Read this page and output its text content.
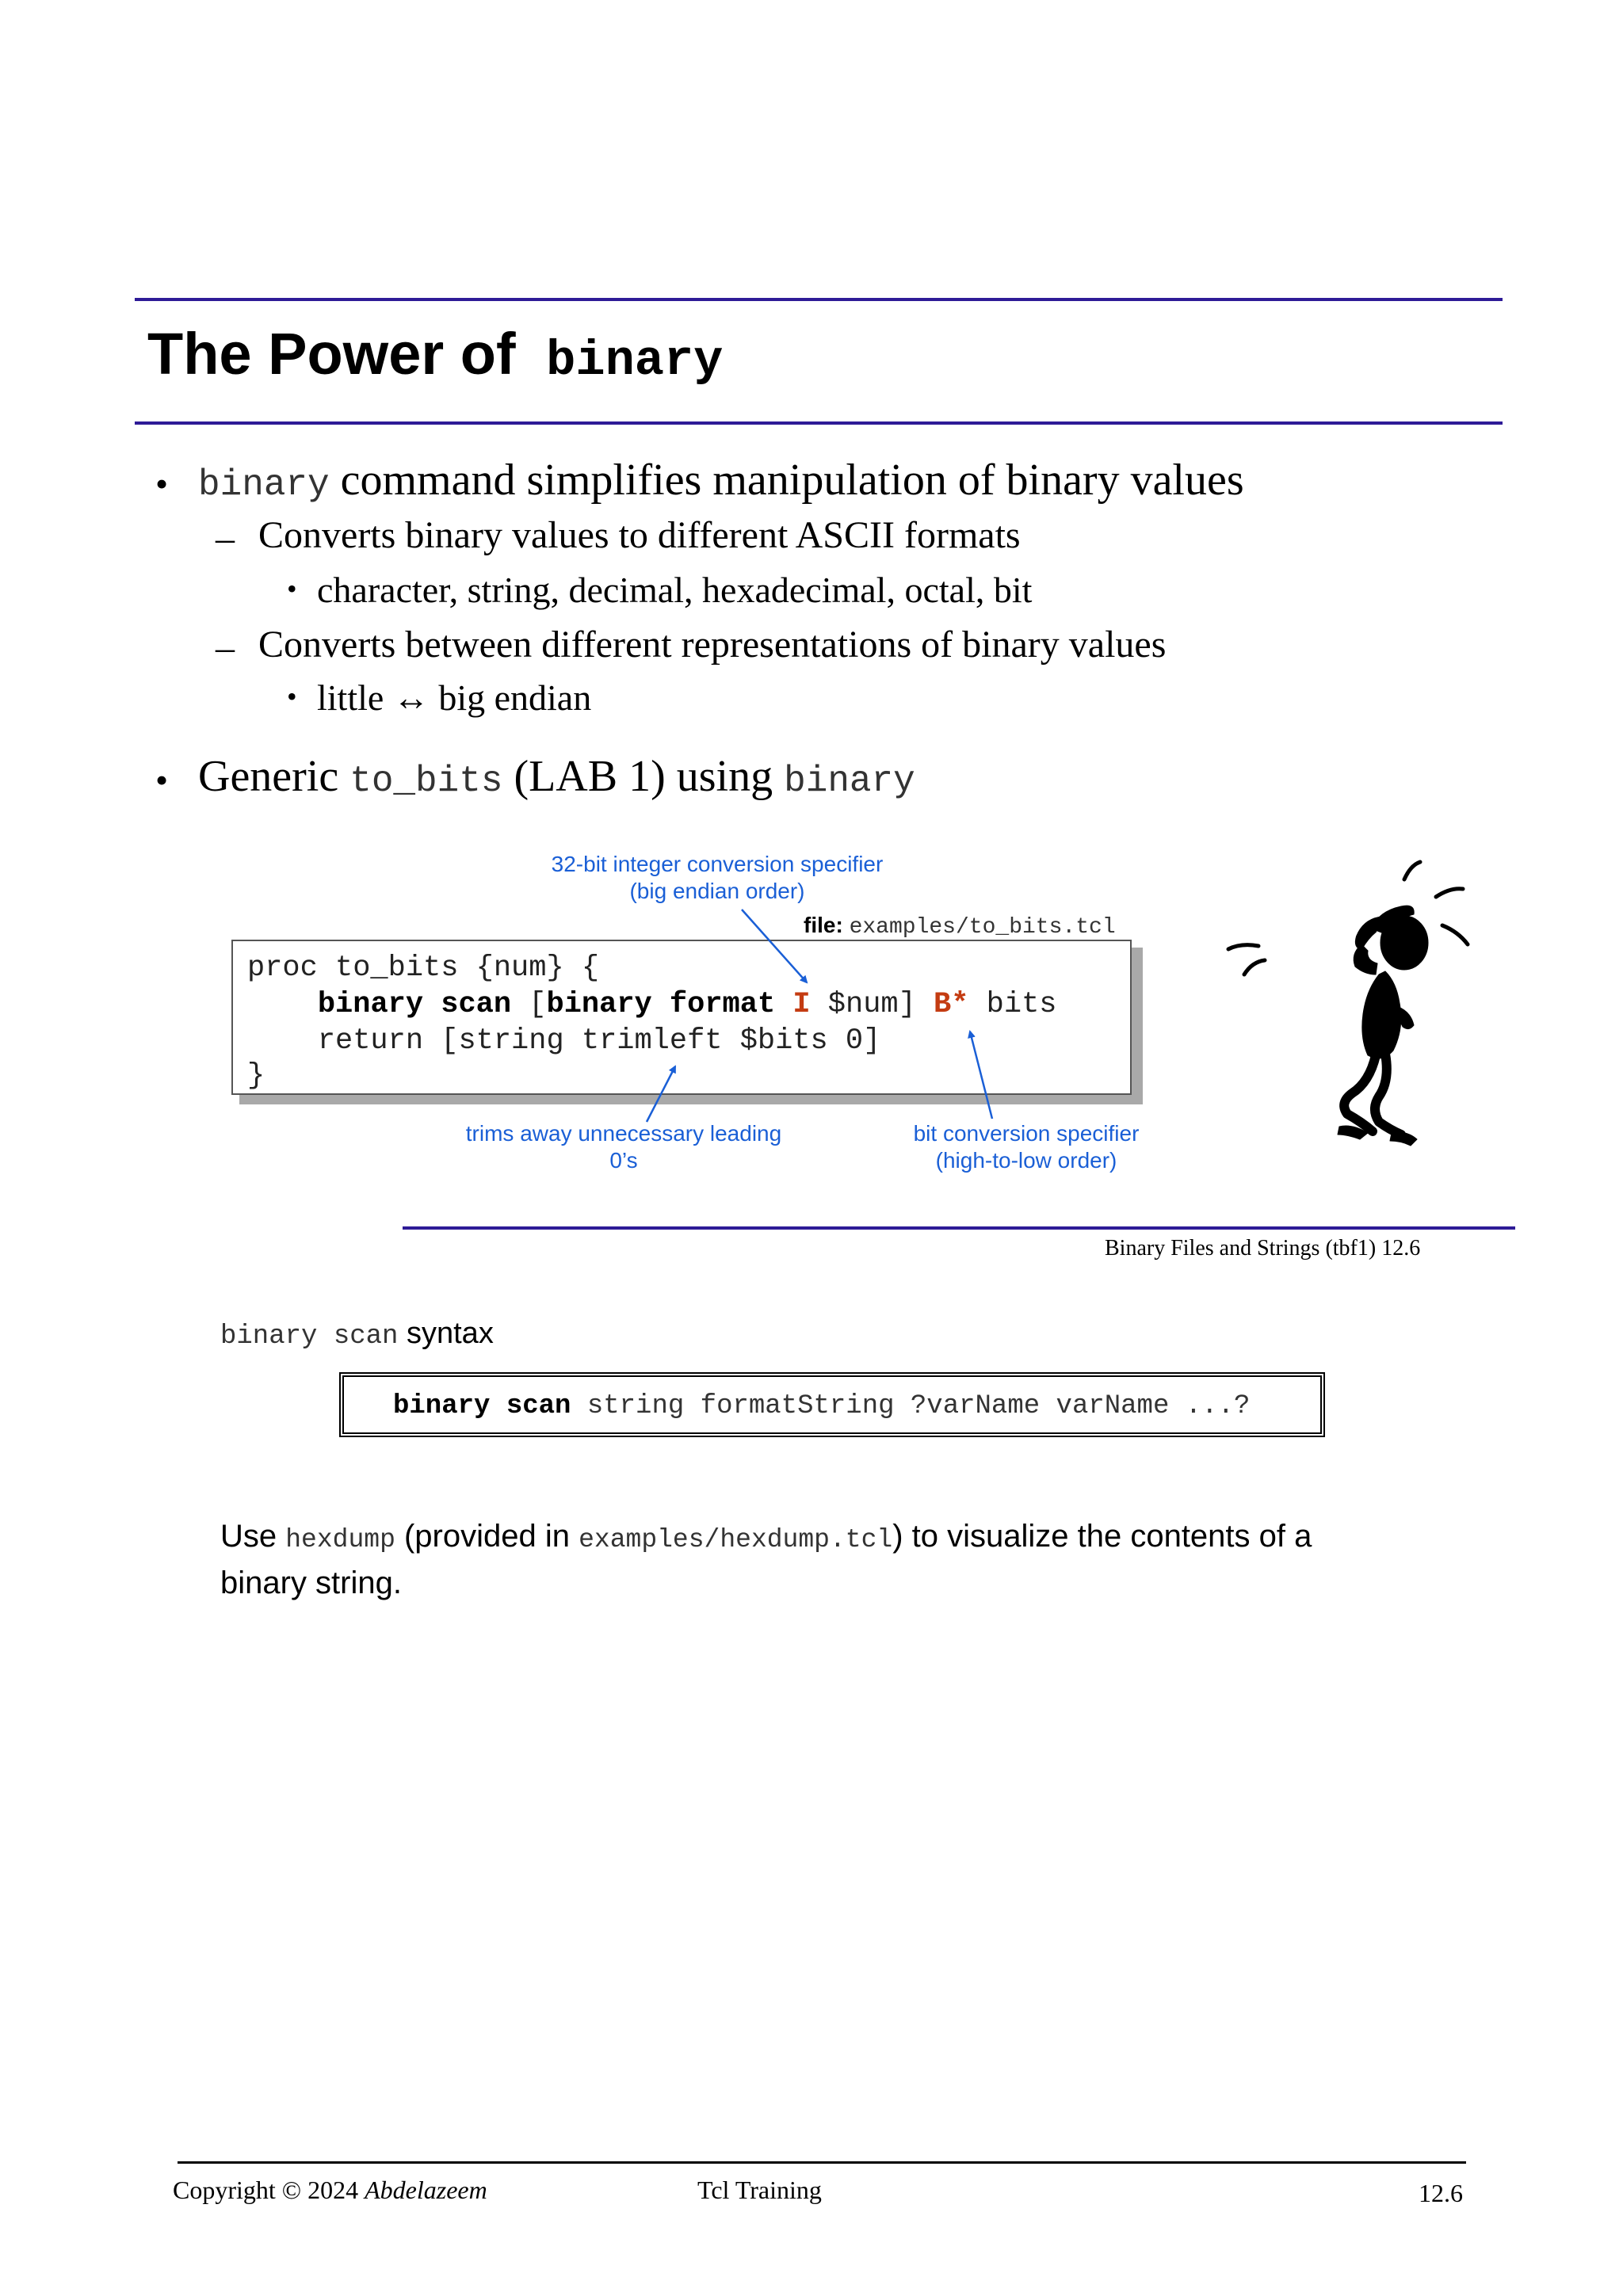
The Power of binary
• binary command simplifies manipulation of binary values
– Converts binary values to different ASCII formats
• character, string, decimal, hexadecimal, octal, bit
– Converts between different representations of binary values
• little ↔ big endian
• Generic to_bits (LAB 1) using binary
32-bit integer conversion specifier
(big endian order)
file: examples/to_bits.tcl
proc to_bits {num} {
binary scan [binary format I $num] B* bits
return [string trimleft $bits 0]
}
trims away unnecessary leading
0’s
bit conversion specifier
(high-to-low order)
Binary Files and Strings (tbf1) 12.6
binary scan syntax
binary scan string formatString ?varName varName ...?
Use hexdump (provided in examples/hexdump.tcl) to visualize the contents of a binary string.
Copyright © 2024 Abdelazeem	Tcl Training	12.6
